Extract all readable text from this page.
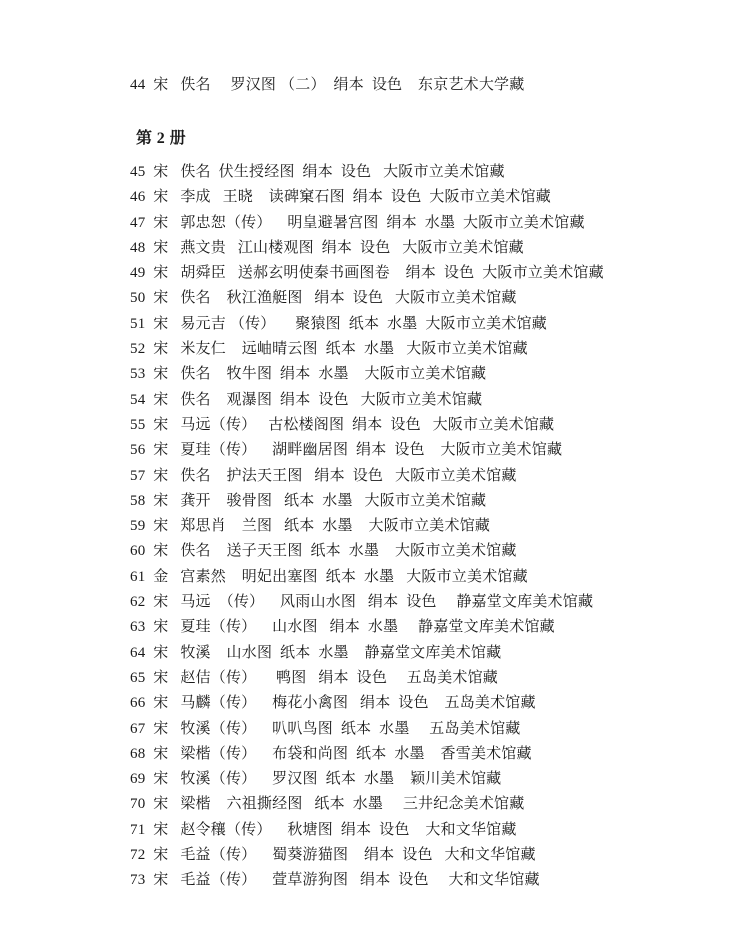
44  宋   佚名     罗汉图 （二）  绢本  设色    东京艺术大学藏
第 2 册
45  宋   佚名  伏生授经图  绢本  设色   大阪市立美术馆藏
46  宋   李成   王晓    读碑窠石图  绢本  设色  大阪市立美术馆藏
47  宋   郭忠恕（传）    明皇避暑宫图  绢本  水墨  大阪市立美术馆藏
48  宋   燕文贵   江山楼观图  绢本  设色   大阪市立美术馆藏
49  宋   胡舜臣   送郝玄明使秦书画图卷    绢本  设色  大阪市立美术馆藏
50  宋   佚名    秋江渔艇图   绢本  设色   大阪市立美术馆藏
51  宋   易元吉 （传）     聚猿图  纸本  水墨  大阪市立美术馆藏
52  宋   米友仁    远岫晴云图  纸本  水墨   大阪市立美术馆藏
53  宋   佚名    牧牛图  绢本  水墨    大阪市立美术馆藏
54  宋   佚名    观瀑图  绢本  设色   大阪市立美术馆藏
55  宋   马远（传）   古松楼阁图  绢本  设色   大阪市立美术馆藏
56  宋   夏珪（传）    湖畔幽居图  绢本  设色    大阪市立美术馆藏
57  宋   佚名    护法天王图   绢本  设色   大阪市立美术馆藏
58  宋   龚开    骏骨图   纸本  水墨   大阪市立美术馆藏
59  宋   郑思肖    兰图   纸本  水墨    大阪市立美术馆藏
60  宋   佚名    送子天王图  纸本  水墨    大阪市立美术馆藏
61  金   宫素然    明妃出塞图  纸本  水墨   大阪市立美术馆藏
62  宋   马远  （传）    风雨山水图   绢本  设色     静嘉堂文库美术馆藏
63  宋   夏珪（传）    山水图   绢本  水墨     静嘉堂文库美术馆藏
64  宋   牧溪    山水图  纸本  水墨    静嘉堂文库美术馆藏
65  宋   赵佶（传）     鸭图   绢本  设色     五岛美术馆藏
66  宋   马麟（传）    梅花小禽图   绢本  设色    五岛美术馆藏
67  宋   牧溪（传）    叭叭鸟图  纸本  水墨     五岛美术馆藏
68  宋   梁楷（传）    布袋和尚图  纸本  水墨    香雪美术馆藏
69  宋   牧溪（传）    罗汉图  纸本  水墨    颖川美术馆藏
70  宋   梁楷    六祖撕经图   纸本  水墨     三井纪念美术馆藏
71  宋   赵令穰（传）    秋塘图  绢本  设色    大和文华馆藏
72  宋   毛益（传）    蜀葵游猫图    绢本  设色   大和文华馆藏
73  宋   毛益（传）    萱草游狗图   绢本  设色     大和文华馆藏
